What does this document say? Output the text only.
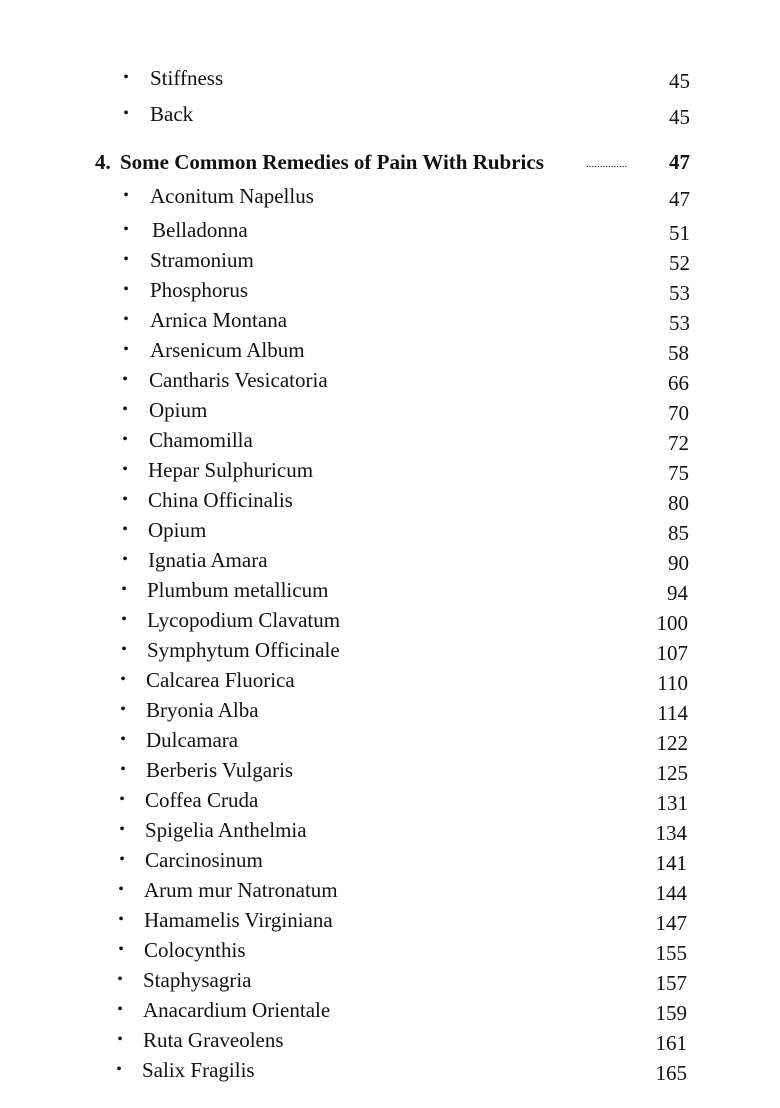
• Stiffness	45
• Back	45
4. Some Common Remedies of Pain With Rubrics	...............	47
• Aconitum Napellus	47
• Belladonna	51
• Stramonium	52
• Phosphorus	53
• Arnica Montana	53
• Arsenicum Album	58
• Cantharis Vesicatoria	66
• Opium	70
• Chamomilla	72
• Hepar Sulphuricum	75
• China Officinalis	80
• Opium	85
• Ignatia Amara	90
• Plumbum metallicum	94
• Lycopodium Clavatum	100
• Symphytum Officinale	107
• Calcarea Fluorica	110
• Bryonia Alba	114
• Dulcamara	122
• Berberis Vulgaris	125
• Coffea Cruda	131
• Spigelia Anthelmia	134
• Carcinosinum	141
• Arum mur Natronatum	144
• Hamamelis Virginiana	147
• Colocynthis	155
• Staphysagria	157
• Anacardium Orientale	159
• Ruta Graveolens	161
• Salix Fragilis	165
